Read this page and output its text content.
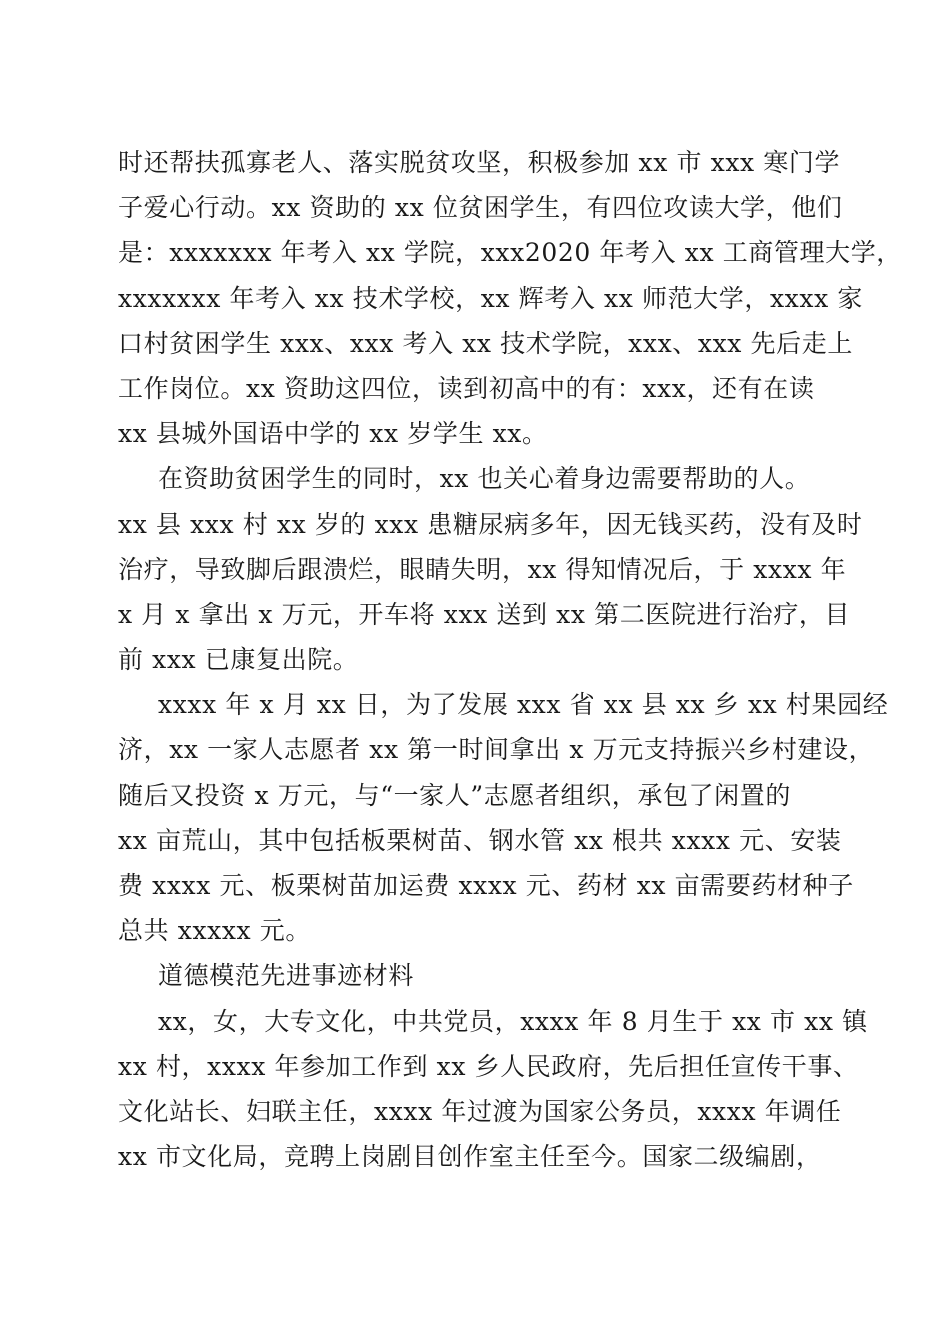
时还帮扶孤寡老人、落实脱贫攻坚，积极参加 xx 市 xxx 寒门学
子爱心行动。xx 资助的 xx 位贫困学生，有四位攻读大学，他们
是：xxxxxxx 年考入 xx 学院，xxx2020 年考入 xx 工商管理大学，
xxxxxxx 年考入 xx 技术学校，xx 辉考入 xx 师范大学，xxxx 家
口村贫困学生 xxx、xxx 考入 xx 技术学院，xxx、xxx 先后走上
工作岗位。xx 资助这四位，读到初高中的有：xxx，还有在读
xx 县城外国语中学的 xx 岁学生 xx。
在资助贫困学生的同时，xx 也关心着身边需要帮助的人。
xx 县 xxx 村 xx 岁的 xxx 患糖尿病多年，因无钱买药，没有及时
治疗，导致脚后跟溃烂，眼睛失明，xx 得知情况后，于 xxxx 年
x 月 x 拿出 x 万元，开车将 xxx 送到 xx 第二医院进行治疗，目
前 xxx 已康复出院。
xxxx 年 x 月 xx 日，为了发展 xxx 省 xx 县 xx 乡 xx 村果园经
济，xx 一家人志愿者 xx 第一时间拿出 x 万元支持振兴乡村建设，
随后又投资 x 万元，与“一家人”志愿者组织，承包了闲置的
xx 亩荒山，其中包括板栗树苗、钢水管 xx 根共 xxxx 元、安装
费 xxxx 元、板栗树苗加运费 xxxx 元、药材 xx 亩需要药材种子
总共 xxxxx 元。
道德模范先进事迹材料
xx，女，大专文化，中共党员，xxxx 年 8 月生于 xx 市 xx 镇
xx 村，xxxx 年参加工作到 xx 乡人民政府，先后担任宣传干事、
文化站长、妇联主任，xxxx 年过渡为国家公务员，xxxx 年调任
xx 市文化局，竞聘上岗剧目创作室主任至今。国家二级编剧，
